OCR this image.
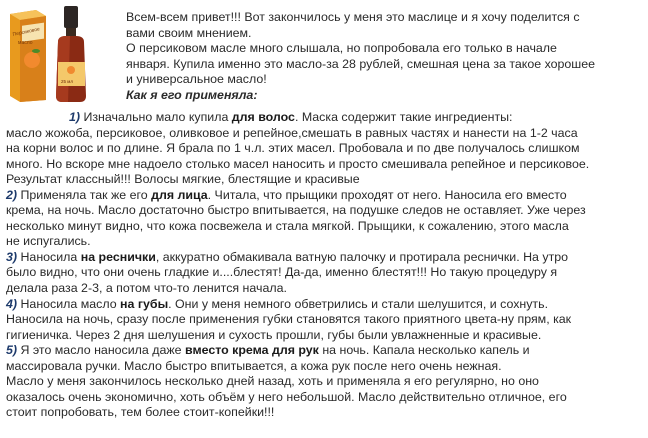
Персиковое
масло
25 мл

Всем-всем привет!!! Вот закончилось у меня это маслице и я хочу поделится с

вами своим мнением.

О персиковом масле много слышала, но попробовала его только в начале

января. Купила именно это масло-за 28 рублей, смешная цена за такое хорошее

и универсальное масло!

Как я его применяла:

1) Изначально мало купила для волос. Маска содержит такие ингредиенты:

масло жожоба, персиковое, оливковое и репейное,смешать в равных частях и нанести на 1-2 часа

на корни волос и по длине. Я брала по 1 ч.л. этих масел. Пробовала и по две получалось слишком

много. Но вскоре мне надоело столько масел наносить и просто смешивала репейное и персиковое.

Результат классный!!! Волосы мягкие, блестящие и красивые

2) Применяла так же его для лица. Читала, что прыщики проходят от него. Наносила его вместо

крема, на ночь. Масло достаточно быстро впитывается, на подушке следов не оставляет. Уже через

несколько минут видно, что кожа посвежела и стала мягкой. Прыщики, к сожалению, этого масла

не испугались.

3) Наносила на реснички, аккуратно обмакивала ватную палочку и протирала реснички. На утро

было видно, что они очень гладкие и....блестят! Да-да, именно блестят!!! Но такую процедуру я

делала раза 2-3, а потом что-то ленится начала.

4) Наносила масло на губы. Они у меня немного обветрились и стали шелушится, и сохнуть.

Наносила на ночь, сразу после применения губки становятся такого приятного цвета-ну прям, как

гигиеничка. Через 2 дня шелушения и сухость прошли, губы были увлажненные и красивые.

5) Я это масло наносила даже вместо крема для рук на ночь. Капала несколько капель и

массировала ручки. Масло быстро впитывается, а кожа рук после него очень нежная.

Масло у меня закончилось несколько дней назад, хоть и применяла я его регулярно, но оно

оказалось очень экономично, хоть объём у него небольшой. Масло действительно отличное, его

стоит попробовать, тем более стоит-копейки!!!
